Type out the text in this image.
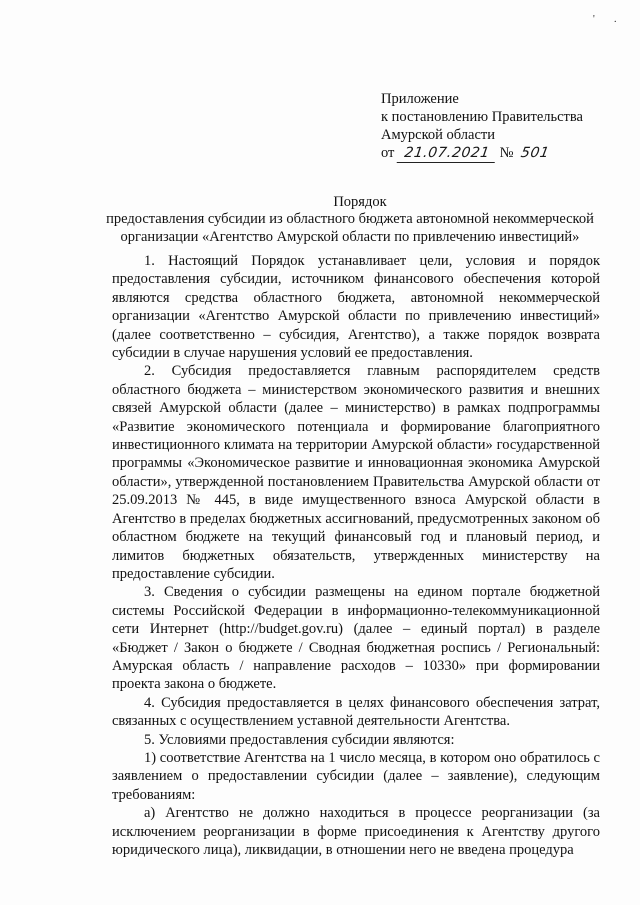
' .
Приложение
к постановлению Правительства
Амурской области
от 21.07.2021 № 501
Порядок
предоставления субсидии из областного бюджета автономной некоммерческой организации «Агентство Амурской области по привлечению инвестиций»

1. Настоящий Порядок устанавливает цели, условия и порядок предоставления субсидии, источником финансового обеспечения которой являются средства областного бюджета, автономной некоммерческой организации «Агентство Амурской области по привлечению инвестиций» (далее соответственно – субсидия, Агентство), а также порядок возврата субсидии в случае нарушения условий ее предоставления.

2. Субсидия предоставляется главным распорядителем средств областного бюджета – министерством экономического развития и внешних связей Амурской области (далее – министерство) в рамках подпрограммы «Развитие экономического потенциала и формирование благоприятного инвестиционного климата на территории Амурской области» государственной программы «Экономическое развитие и инновационная экономика Амурской области», утвержденной постановлением Правительства Амурской области от 25.09.2013 № 445, в виде имущественного взноса Амурской области в Агентство в пределах бюджетных ассигнований, предусмотренных законом об областном бюджете на текущий финансовый год и плановый период, и лимитов бюджетных обязательств, утвержденных министерству на предоставление субсидии.

3. Сведения о субсидии размещены на едином портале бюджетной системы Российской Федерации в информационно-телекоммуникационной сети Интернет (http://budget.gov.ru) (далее – единый портал) в разделе «Бюджет / Закон о бюджете / Сводная бюджетная роспись / Региональный: Амурская область / направление расходов – 10330» при формировании проекта закона о бюджете.

4. Субсидия предоставляется в целях финансового обеспечения затрат, связанных с осуществлением уставной деятельности Агентства.

5. Условиями предоставления субсидии являются:

1) соответствие Агентства на 1 число месяца, в котором оно обратилось с заявлением о предоставлении субсидии (далее – заявление), следующим требованиям:

а) Агентство не должно находиться в процессе реорганизации (за исключением реорганизации в форме присоединения к Агентству другого юридического лица), ликвидации, в отношении него не введена процедура
